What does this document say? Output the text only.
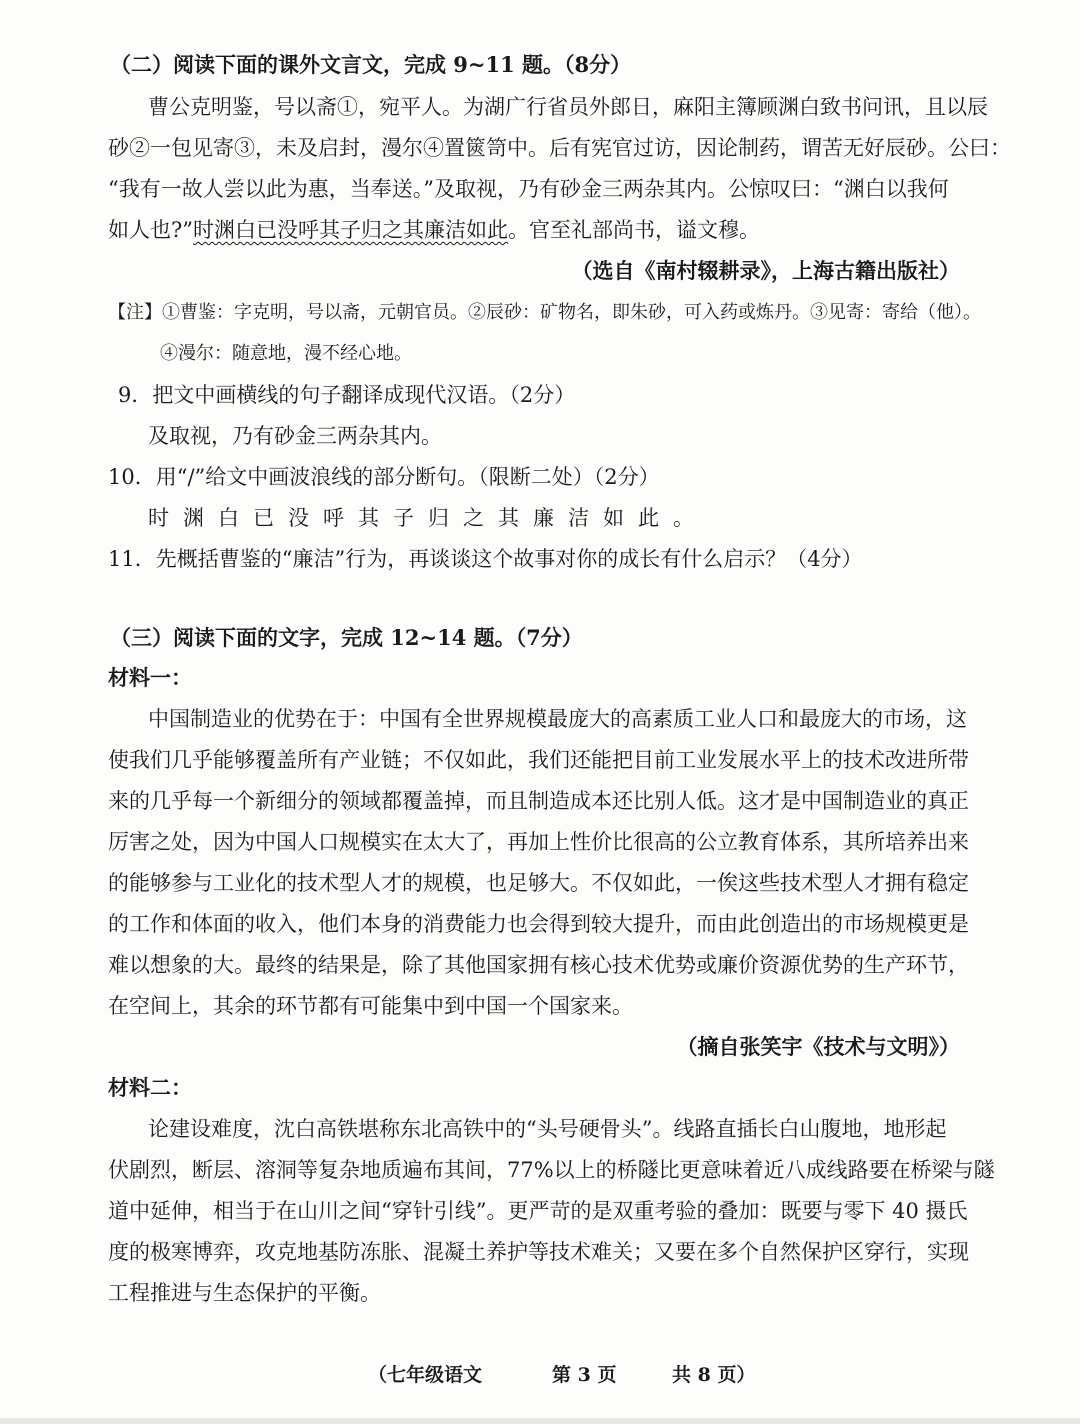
（二）阅读下面的课外文言文，完成 9~11 题。（8分）
曹公克明鉴，号以斋①，宛平人。为湖广行省员外郎日，麻阳主簿顾渊白致书问讯，且以辰
砂②一包见寄③，未及启封，漫尔④置篋笥中。后有宪官过访，因论制药，谓苦无好辰砂。公曰：
“我有一故人尝以此为惠，当奉送。”及取视，乃有砂金三两杂其内。公惊叹曰：“渊白以我何
如人也?”时渊白已没呼其子归之其廉洁如此。官至礼部尚书，谥文穆。
（选自《南村辍耕录》，上海古籍出版社）
【注】①曹鉴：字克明，号以斋，元朝官员。②辰砂：矿物名，即朱砂，可入药或炼丹。③见寄：寄给（他）。
④漫尔：随意地，漫不经心地。
9．把文中画横线的句子翻译成现代汉语。（2分）
及取视，乃有砂金三两杂其内。
10．用“/”给文中画波浪线的部分断句。（限断二处）（2分）
时渊白已没呼其子归之其廉洁如此。
11．先概括曹鉴的“廉洁”行为，再谈谈这个故事对你的成长有什么启示？（4分）
（三）阅读下面的文字，完成 12~14 题。（7分）
材料一：
中国制造业的优势在于：中国有全世界规模最庞大的高素质工业人口和最庞大的市场，这
使我们几乎能够覆盖所有产业链；不仅如此，我们还能把目前工业发展水平上的技术改进所带
来的几乎每一个新细分的领域都覆盖掉，而且制造成本还比别人低。这才是中国制造业的真正
厉害之处，因为中国人口规模实在太大了，再加上性价比很高的公立教育体系，其所培养出来
的能够参与工业化的技术型人才的规模，也足够大。不仅如此，一俟这些技术型人才拥有稳定
的工作和体面的收入，他们本身的消费能力也会得到较大提升，而由此创造出的市场规模更是
难以想象的大。最终的结果是，除了其他国家拥有核心技术优势或廉价资源优势的生产环节，
在空间上，其余的环节都有可能集中到中国一个国家来。
（摘自张笑宇《技术与文明》）
材料二：
论建设难度，沈白高铁堪称东北高铁中的“头号硬骨头”。线路直插长白山腹地，地形起
伏剧烈，断层、溶洞等复杂地质遍布其间，77%以上的桥隧比更意味着近八成线路要在桥梁与隧
道中延伸，相当于在山川之间“穿针引线”。更严苛的是双重考验的叠加：既要与零下 40 摄氏
度的极寒博弈，攻克地基防冻胀、混凝土养护等技术难关；又要在多个自然保护区穿行，实现
工程推进与生态保护的平衡。
（七年级语文	第 3 页	共 8 页）
